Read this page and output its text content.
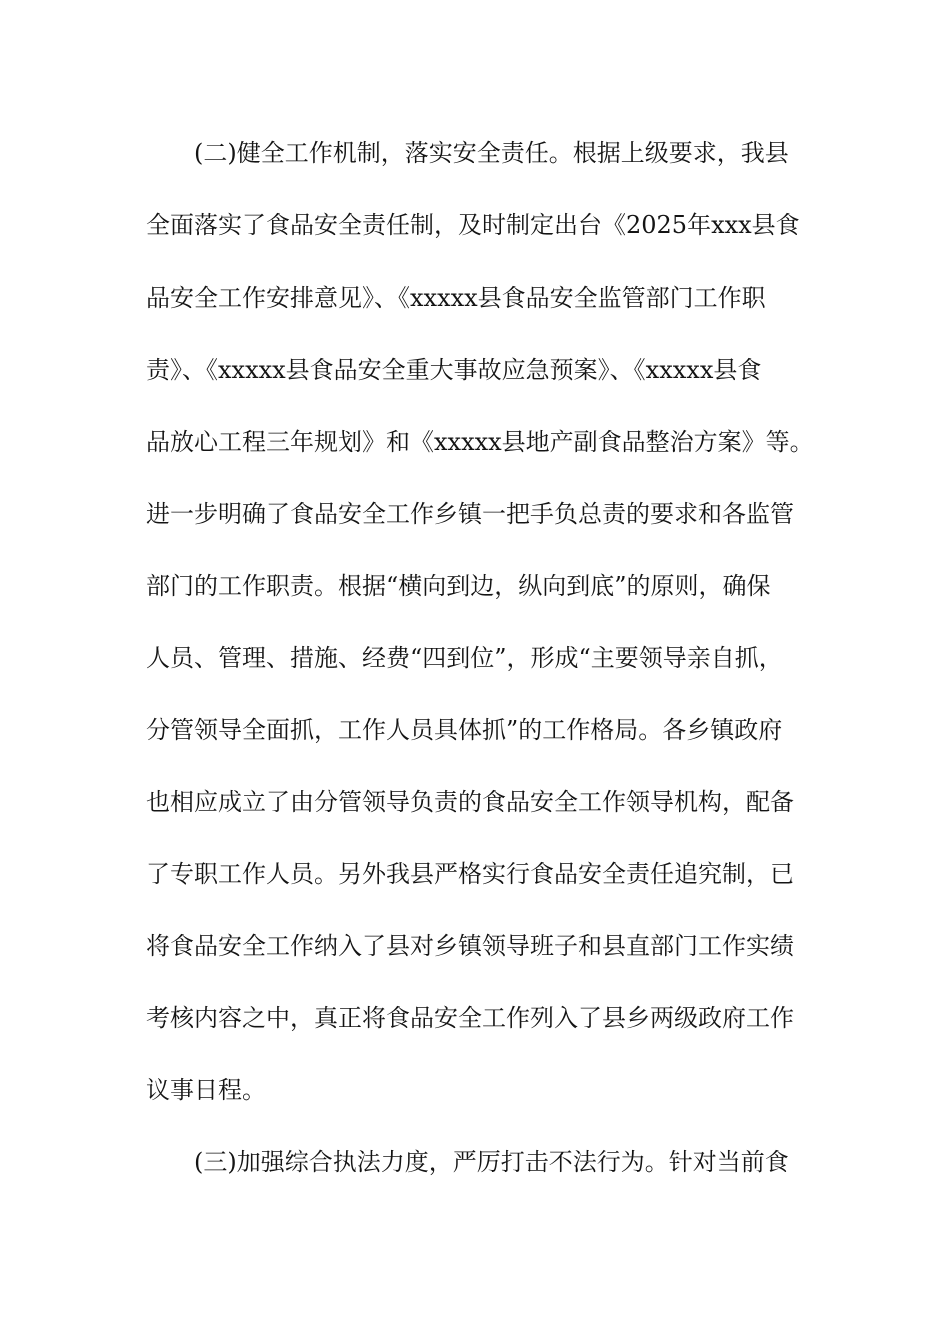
(二)健全工作机制，落实安全责任。根据上级要求，我县
全面落实了食品安全责任制，及时制定出台《2025年xxx县食
品安全工作安排意见》、《xxxxx县食品安全监管部门工作职
责》、《xxxxx县食品安全重大事故应急预案》、《xxxxx县食
品放心工程三年规划》和《xxxxx县地产副食品整治方案》等。
进一步明确了食品安全工作乡镇一把手负总责的要求和各监管
部门的工作职责。根据“横向到边，纵向到底”的原则，确保
人员、管理、措施、经费“四到位”，形成“主要领导亲自抓，
分管领导全面抓，工作人员具体抓”的工作格局。各乡镇政府
也相应成立了由分管领导负责的食品安全工作领导机构，配备
了专职工作人员。另外我县严格实行食品安全责任追究制，已
将食品安全工作纳入了县对乡镇领导班子和县直部门工作实绩
考核内容之中，真正将食品安全工作列入了县乡两级政府工作
议事日程。
(三)加强综合执法力度，严厉打击不法行为。针对当前食
